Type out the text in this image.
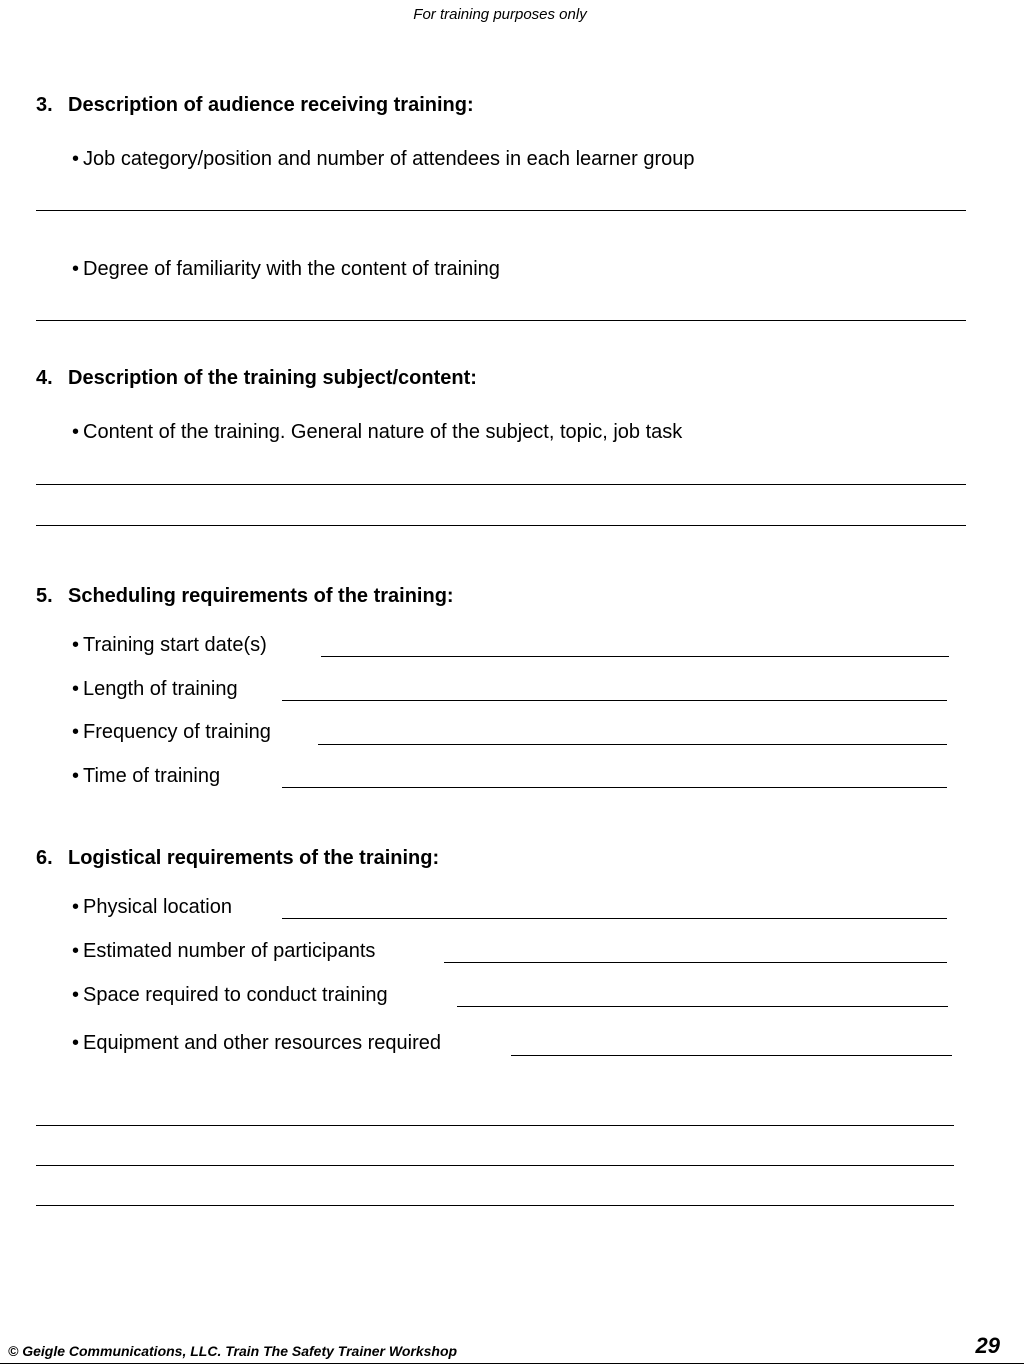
For training purposes only
3. Description of audience receiving training:
• Job category/position and number of attendees in each learner group
• Degree of familiarity with the content of training
4. Description of the training subject/content:
• Content of the training. General nature of the subject, topic, job task
5. Scheduling requirements of the training:
• Training start date(s)
• Length of training
• Frequency of training
• Time of training
6. Logistical requirements of the training:
• Physical location
• Estimated number of participants
• Space required to conduct training
• Equipment and other resources required
© Geigle Communications, LLC. Train The Safety Trainer Workshop	29
